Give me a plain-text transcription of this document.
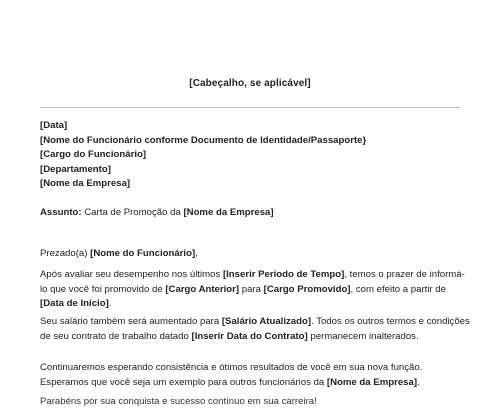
[Cabeçalho, se aplicável]
[Data]
[Nome do Funcionário conforme Documento de Identidade/Passaporte}
[Cargo do Funcionário]
[Departamento]
[Nome da Empresa]
Assunto: Carta de Promoção da [Nome da Empresa]
Prezado(a) [Nome do Funcionário],
Após avaliar seu desempenho nos últimos [Inserir Período de Tempo], temos o prazer de informá-lo que você foi promovido de [Cargo Anterior] para [Cargo Promovido], com efeito a partir de [Data de Início].
Seu salário também será aumentado para [Salário Atualizado]. Todos os outros termos e condições de seu contrato de trabalho datado [Inserir Data do Contrato] permanecem inalterados.
Continuaremos esperando consistência e ótimos resultados de você em sua nova função. Esperamos que você seja um exemplo para outros funcionários da [Nome da Empresa].
Parabéns por sua conquista e sucesso contínuo em sua carreira!
